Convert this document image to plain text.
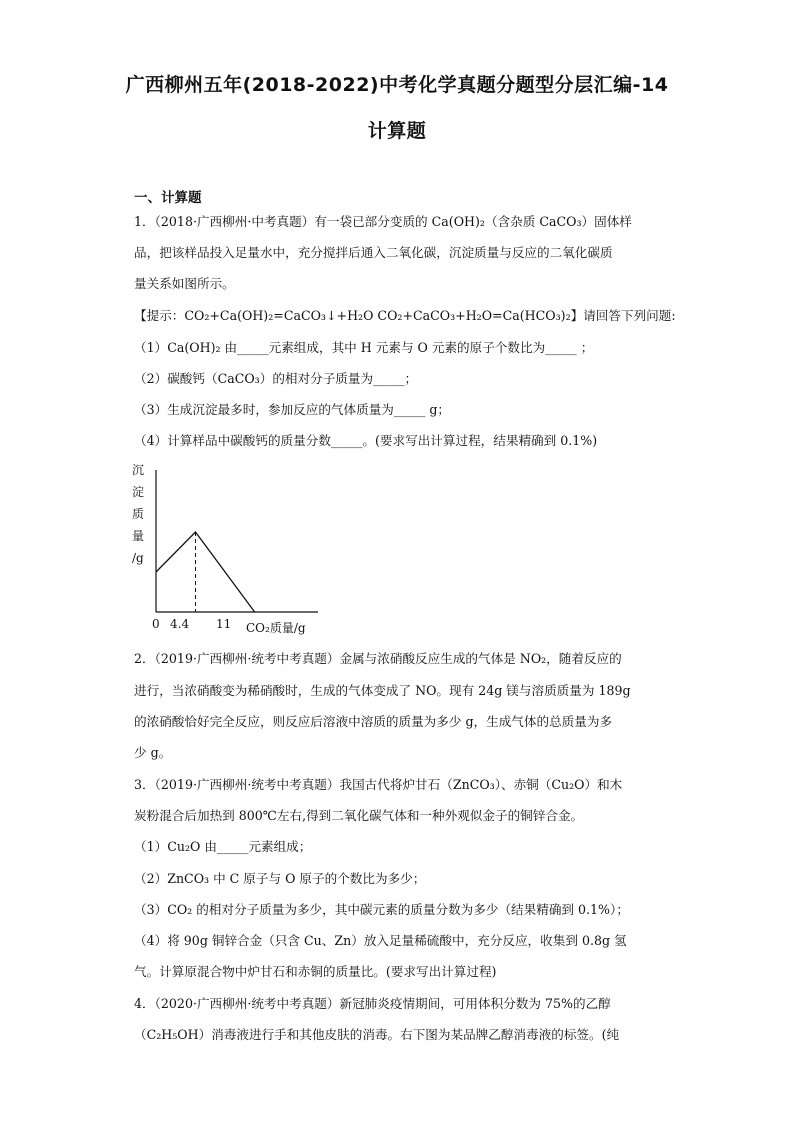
广西柳州五年(2018-2022)中考化学真题分题型分层汇编-14
计算题
一、计算题
1．（2018·广西柳州·中考真题）有一袋已部分变质的 Ca(OH)₂（含杂质 CaCO₃）固体样
品，把该样品投入足量水中，充分搅拌后通入二氧化碳，沉淀质量与反应的二氧化碳质
量关系如图所示。
【提示：CO₂+Ca(OH)₂=CaCO₃↓+H₂O CO₂+CaCO₃+H₂O=Ca(HCO₃)₂】请回答下列问题:
（1）Ca(OH)₂ 由_____元素组成，其中 H 元素与 O 元素的原子个数比为_____ ；
（2）碳酸钙（CaCO₃）的相对分子质量为_____；
（3）生成沉淀最多时，参加反应的气体质量为_____ g；
（4）计算样品中碳酸钙的质量分数_____。(要求写出计算过程，结果精确到 0.1%)
沉
淀
质
量
/g
0 4.4 11 CO₂质量/g
2．（2019·广西柳州·统考中考真题）金属与浓硝酸反应生成的气体是 NO₂，随着反应的
进行，当浓硝酸变为稀硝酸时，生成的气体变成了 NO。现有 24g 镁与溶质质量为 189g
的浓硝酸恰好完全反应，则反应后溶液中溶质的质量为多少 g，生成气体的总质量为多
少 g。
3．（2019·广西柳州·统考中考真题）我国古代将炉甘石（ZnCO₃）、赤铜（Cu₂O）和木
炭粉混合后加热到 800℃左右,得到二氧化碳气体和一种外观似金子的铜锌合金。
（1）Cu₂O 由_____元素组成；
（2）ZnCO₃ 中 C 原子与 O 原子的个数比为多少；
（3）CO₂ 的相对分子质量为多少，其中碳元素的质量分数为多少（结果精确到 0.1%）；
（4）将 90g 铜锌合金（只含 Cu、Zn）放入足量稀硫酸中，充分反应，收集到 0.8g 氢
气。计算原混合物中炉甘石和赤铜的质量比。(要求写出计算过程)
4．（2020·广西柳州·统考中考真题）新冠肺炎疫情期间，可用体积分数为 75%的乙醇
（C₂H₅OH）消毒液进行手和其他皮肤的消毒。右下图为某品牌乙醇消毒液的标签。(纯
